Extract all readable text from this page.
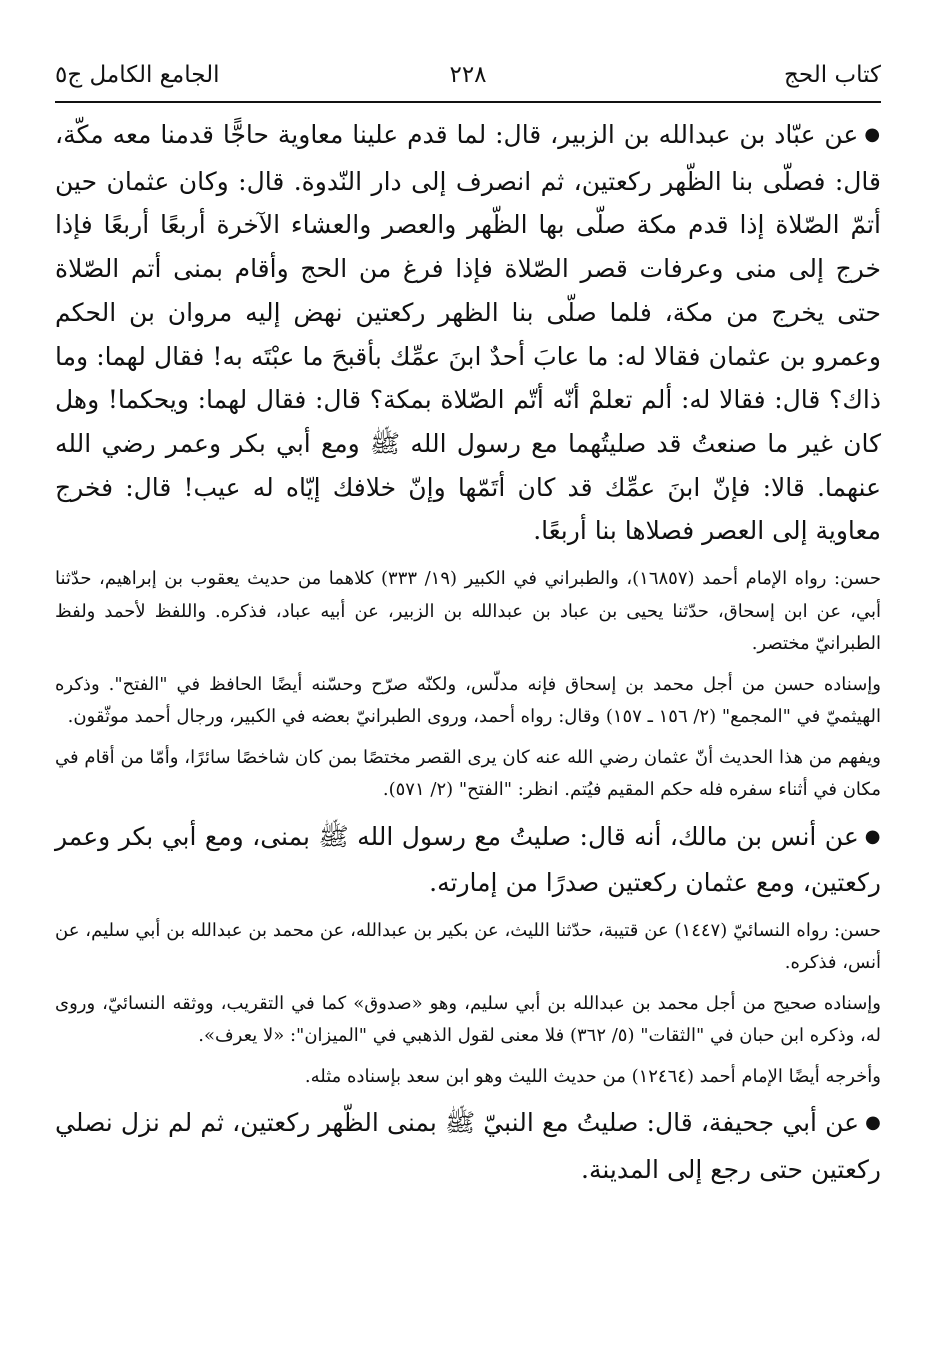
كتاب الحج
٢٢٨
الجامع الكامل ج٥

●عن عبّاد بن عبدالله بن الزبير، قال: لما قدم علينا معاوية حاجًّا قدمنا معه مكّة، قال: فصلّى بنا الظّهر ركعتين، ثم انصرف إلى دار النّدوة. قال: وكان عثمان حين أتمّ الصّلاة إذا قدم مكة صلّى بها الظّهر والعصر والعشاء الآخرة أربعًا أربعًا فإذا خرج إلى منى وعرفات قصر الصّلاة فإذا فرغ من الحج وأقام بمنى أتم الصّلاة حتى يخرج من مكة، فلما صلّى بنا الظهر ركعتين نهض إليه مروان بن الحكم وعمرو بن عثمان فقالا له: ما عابَ أحدٌ ابنَ عمِّك بأقبحَ ما عبْتَه به! فقال لهما: وما ذاك؟ قال: فقالا له: ألم تعلمْ أنّه أتّم الصّلاة بمكة؟ قال: فقال لهما: ويحكما! وهل كان غير ما صنعتُ قد صليتُهما مع رسول الله ﷺ ومع أبي بكر وعمر رضي الله عنهما. قالا: فإنّ ابنَ عمِّك قد كان أتَمّها وإنّ خلافك إيّاه له عيب! قال: فخرج معاوية إلى العصر فصلاها بنا أربعًا.

حسن: رواه الإمام أحمد (١٦٨٥٧)، والطبراني في الكبير (١٩/ ٣٣٣) كلاهما من حديث يعقوب بن إبراهيم، حدّثنا أبي، عن ابن إسحاق، حدّثنا يحيى بن عباد بن عبدالله بن الزبير، عن أبيه عباد، فذكره. واللفظ لأحمد ولفظ الطبرانيّ مختصر.

وإسناده حسن من أجل محمد بن إسحاق فإنه مدلّس، ولكنّه صرّح وحسّنه أيضًا الحافظ في "الفتح". وذكره الهيثميّ في "المجمع" (٢/ ١٥٦ ـ ١٥٧) وقال: رواه أحمد، وروى الطبرانيّ بعضه في الكبير، ورجال أحمد موثّقون.

ويفهم من هذا الحديث أنّ عثمان رضي الله عنه كان يرى القصر مختصًا بمن كان شاخصًا سائرًا، وأمّا من أقام في مكان في أثناء سفره فله حكم المقيم فيُتم. انظر: "الفتح" (٢/ ٥٧١).

●عن أنس بن مالك، أنه قال: صليتُ مع رسول الله ﷺ بمنى، ومع أبي بكر وعمر ركعتين، ومع عثمان ركعتين صدرًا من إمارته.

حسن: رواه النسائيّ (١٤٤٧) عن قتيبة، حدّثنا الليث، عن بكير بن عبدالله، عن محمد بن عبدالله بن أبي سليم، عن أنس، فذكره.

وإسناده صحيح من أجل محمد بن عبدالله بن أبي سليم، وهو «صدوق» كما في التقريب، ووثقه النسائيّ، وروى له، وذكره ابن حبان في "الثقات" (٥/ ٣٦٢) فلا معنى لقول الذهبي في "الميزان": «لا يعرف».

وأخرجه أيضًا الإمام أحمد (١٢٤٦٤) من حديث الليث وهو ابن سعد بإسناده مثله.

●عن أبي جحيفة، قال: صليتُ مع النبيّ ﷺ بمنى الظّهر ركعتين، ثم لم نزل نصلي ركعتين حتى رجع إلى المدينة.
